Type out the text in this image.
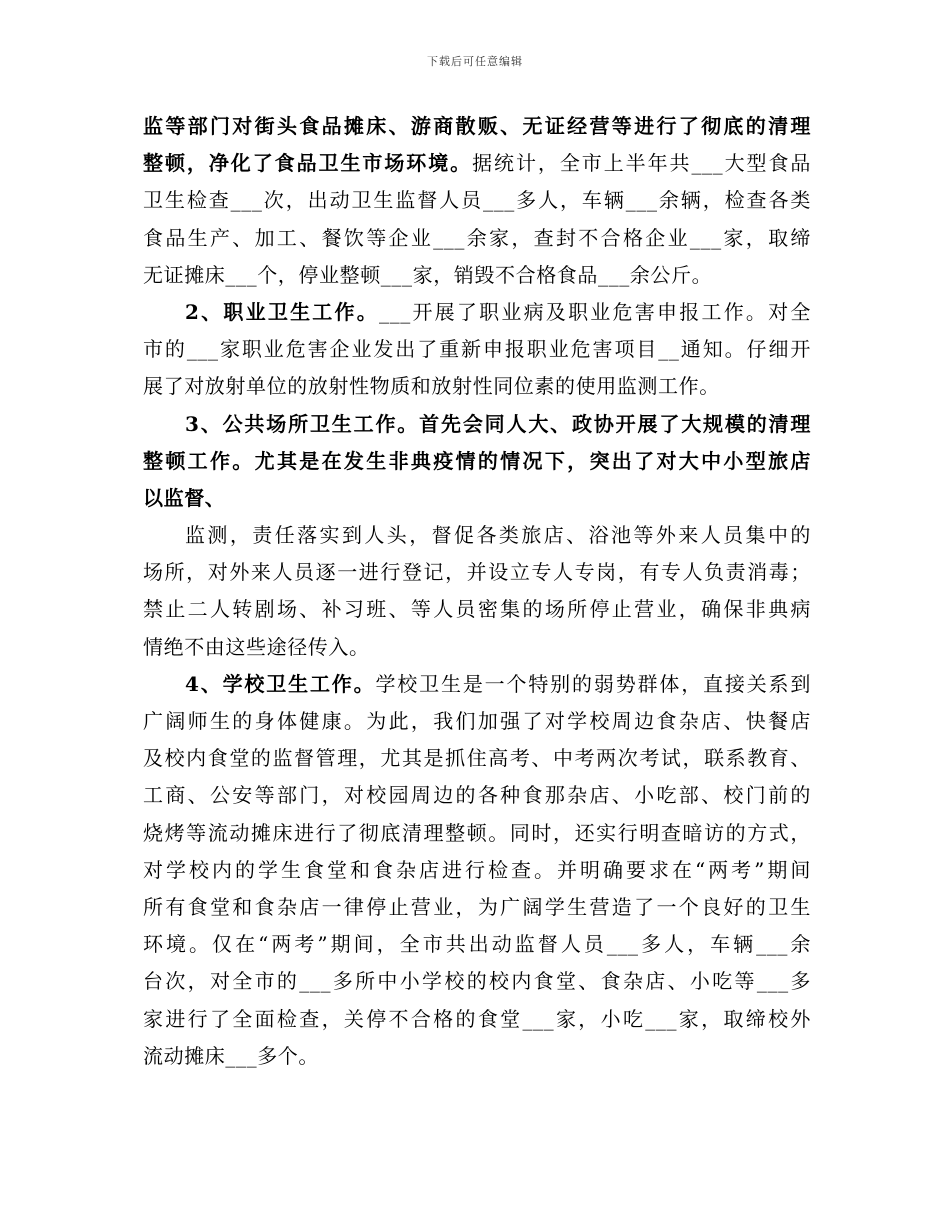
下载后可任意编辑
监等部门对街头食品摊床、游商散贩、无证经营等进行了彻底的清理
整顿，净化了食品卫生市场环境。据统计，全市上半年共___大型食品
卫生检查___次，出动卫生监督人员___多人，车辆___余辆，检查各类
食品生产、加工、餐饮等企业___余家，查封不合格企业___家，取缔
无证摊床___个，停业整顿___家，销毁不合格食品___余公斤。
2、职业卫生工作。___开展了职业病及职业危害申报工作。对全
市的___家职业危害企业发出了重新申报职业危害项目__通知。仔细开
展了对放射单位的放射性物质和放射性同位素的使用监测工作。
3、公共场所卫生工作。首先会同人大、政协开展了大规模的清理
整顿工作。尤其是在发生非典疫情的情况下，突出了对大中小型旅店
以监督、
监测，责任落实到人头，督促各类旅店、浴池等外来人员集中的
场所，对外来人员逐一进行登记，并设立专人专岗，有专人负责消毒；
禁止二人转剧场、补习班、等人员密集的场所停止营业，确保非典病
情绝不由这些途径传入。
4、学校卫生工作。学校卫生是一个特别的弱势群体，直接关系到
广阔师生的身体健康。为此，我们加强了对学校周边食杂店、快餐店
及校内食堂的监督管理，尤其是抓住高考、中考两次考试，联系教育、
工商、公安等部门，对校园周边的各种食那杂店、小吃部、校门前的
烧烤等流动摊床进行了彻底清理整顿。同时，还实行明查暗访的方式，
对学校内的学生食堂和食杂店进行检查。并明确要求在“两考”期间
所有食堂和食杂店一律停止营业，为广阔学生营造了一个良好的卫生
环境。仅在“两考”期间，全市共出动监督人员___多人，车辆___余
台次，对全市的___多所中小学校的校内食堂、食杂店、小吃等___多
家进行了全面检查，关停不合格的食堂___家，小吃___家，取缔校外
流动摊床___多个。
